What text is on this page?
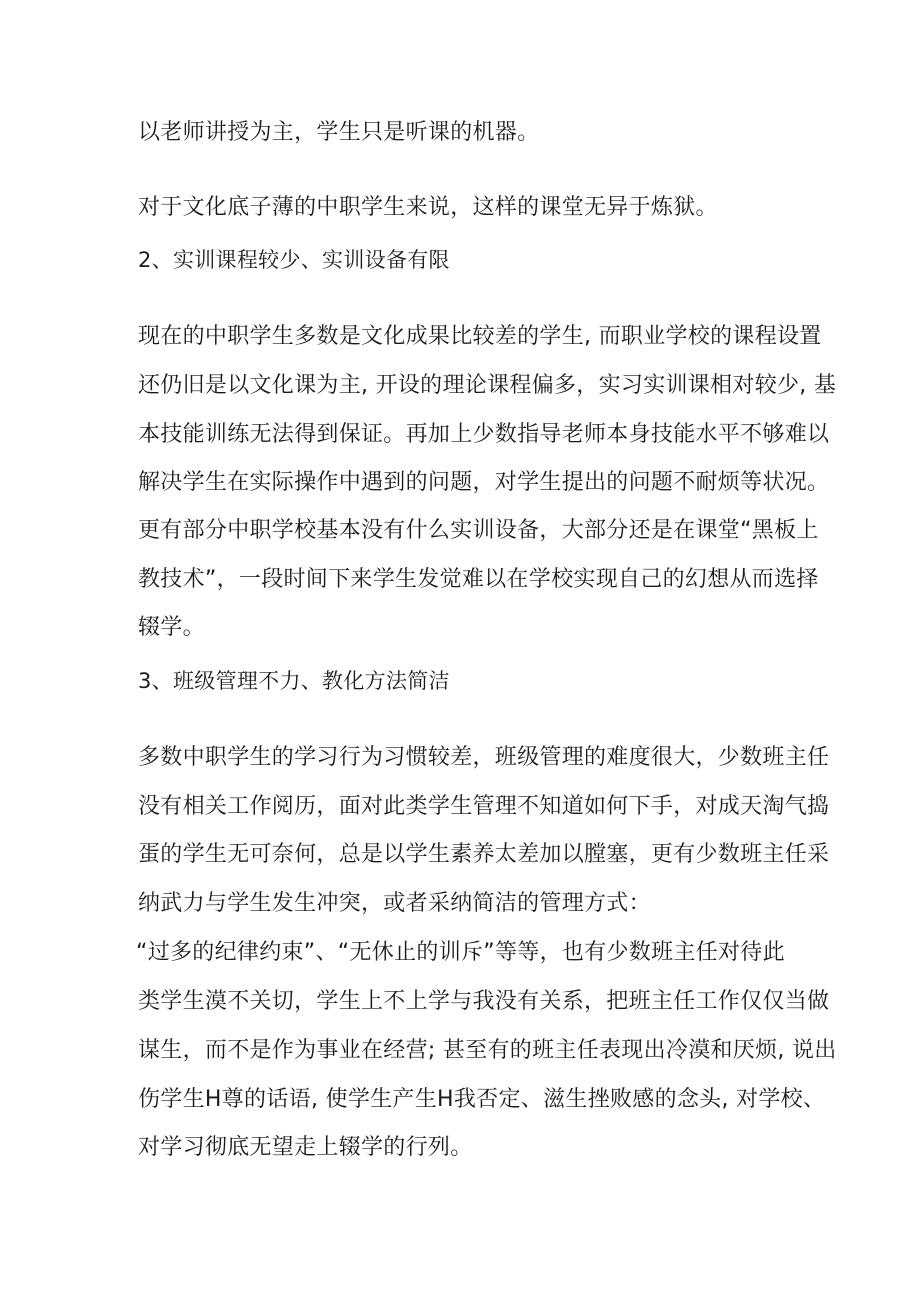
以老师讲授为主，学生只是听课的机器。
对于文化底子薄的中职学生来说，这样的课堂无异于炼狱。
2、实训课程较少、实训设备有限
现在的中职学生多数是文化成果比较差的学生, 而职业学校的课程设置
还仍旧是以文化课为主, 开设的理论课程偏多，实习实训课相对较少, 基
本技能训练无法得到保证。再加上少数指导老师本身技能水平不够难以
解决学生在实际操作中遇到的问题，对学生提出的问题不耐烦等状况。
更有部分中职学校基本没有什么实训设备，大部分还是在课堂“黑板上
教技术”，一段时间下来学生发觉难以在学校实现自己的幻想从而选择
辍学。
3、班级管理不力、教化方法简洁
多数中职学生的学习行为习惯较差，班级管理的难度很大，少数班主任
没有相关工作阅历，面对此类学生管理不知道如何下手，对成天淘气捣
蛋的学生无可奈何，总是以学生素养太差加以膛塞，更有少数班主任采
纳武力与学生发生冲突，或者采纳简洁的管理方式：
“过多的纪律约束”、“无休止的训斥”等等，也有少数班主任对待此
类学生漠不关切，学生上不上学与我没有关系，把班主任工作仅仅当做
谋生，而不是作为事业在经营; 甚至有的班主任表现出冷漠和厌烦, 说出
伤学生H尊的话语, 使学生产生H我否定、滋生挫败感的念头, 对学校、
对学习彻底无望走上辍学的行列。
